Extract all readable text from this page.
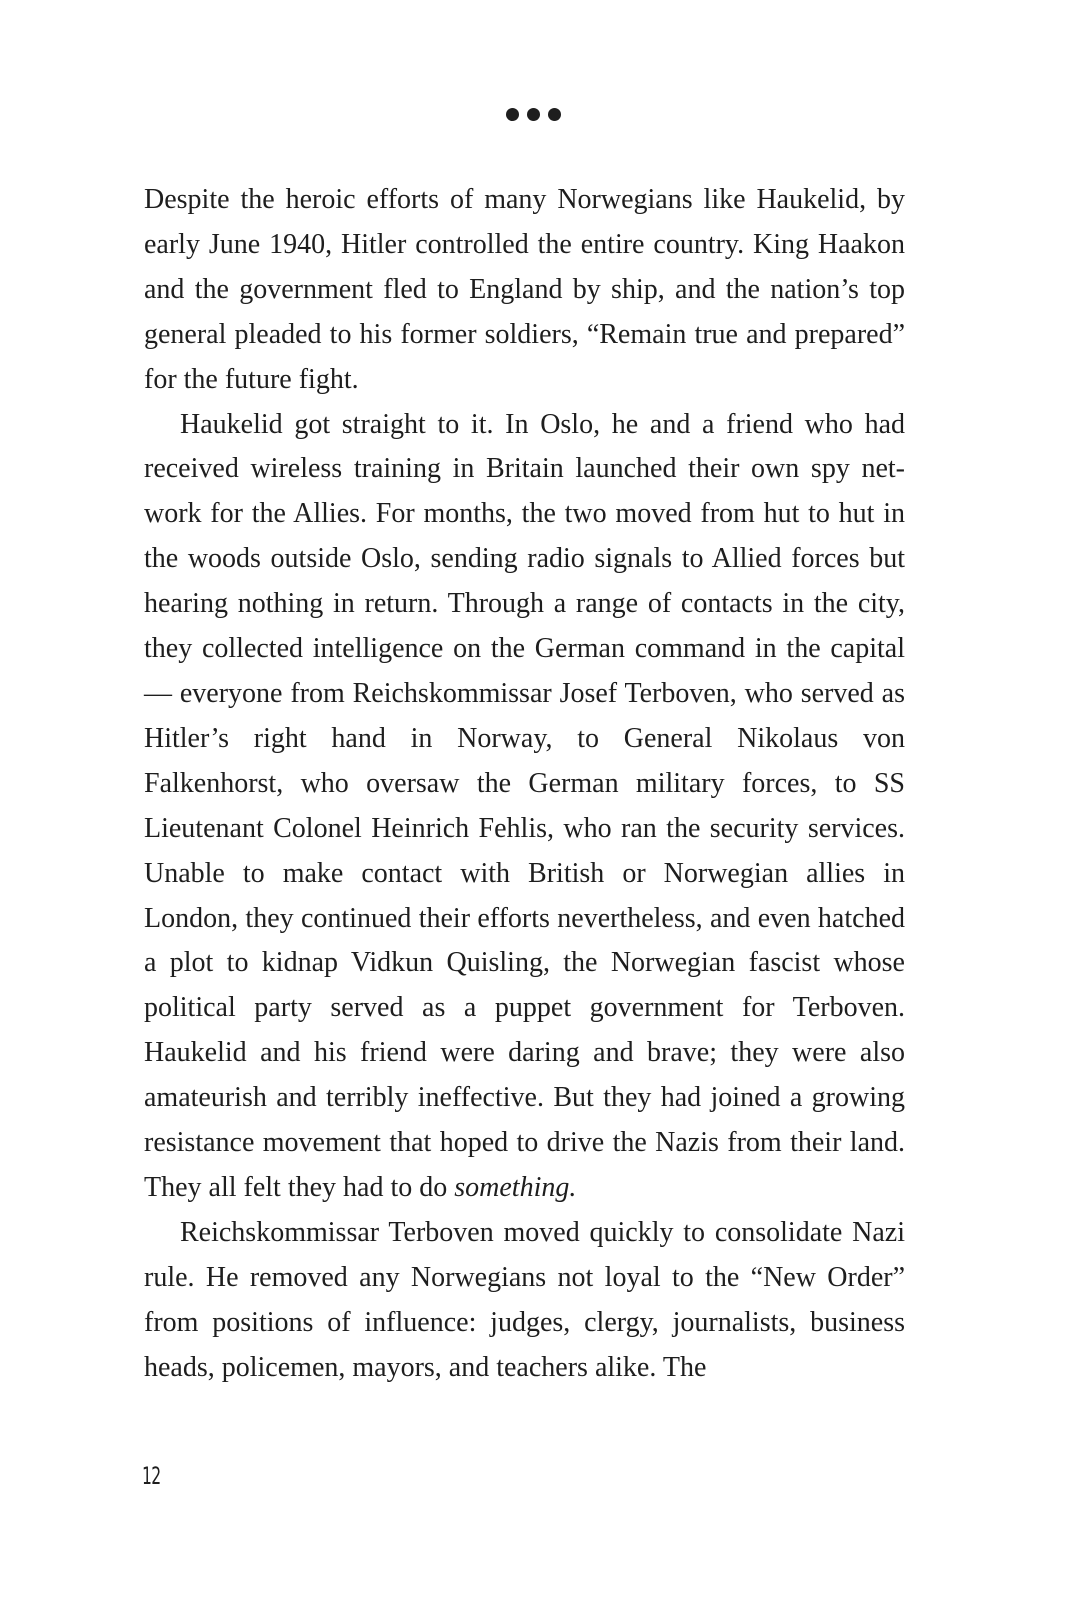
Despite the heroic efforts of many Norwegians like Haukelid, by early June 1940, Hitler controlled the entire country. King Haakon and the government fled to England by ship, and the nation’s top general pleaded to his former soldiers, “Remain true and prepared” for the future fight.

Haukelid got straight to it. In Oslo, he and a friend who had received wireless training in Britain launched their own spy network for the Allies. For months, the two moved from hut to hut in the woods outside Oslo, sending radio signals to Allied forces but hearing nothing in return. Through a range of contacts in the city, they collected intelligence on the German command in the capital — everyone from Reichskommissar Josef Terboven, who served as Hitler’s right hand in Norway, to General Nikolaus von Falkenhorst, who oversaw the German military forces, to SS Lieutenant Colonel Heinrich Fehlis, who ran the security services. Unable to make contact with British or Norwegian allies in London, they continued their efforts nevertheless, and even hatched a plot to kidnap Vidkun Quisling, the Norwegian fascist whose political party served as a puppet government for Terboven. Haukelid and his friend were daring and brave; they were also amateurish and terribly ineffective. But they had joined a growing resistance movement that hoped to drive the Nazis from their land. They all felt they had to do something.

Reichskommissar Terboven moved quickly to consolidate Nazi rule. He removed any Norwegians not loyal to the “New Order” from positions of influence: judges, clergy, journalists, business heads, policemen, mayors, and teachers alike. The

12
